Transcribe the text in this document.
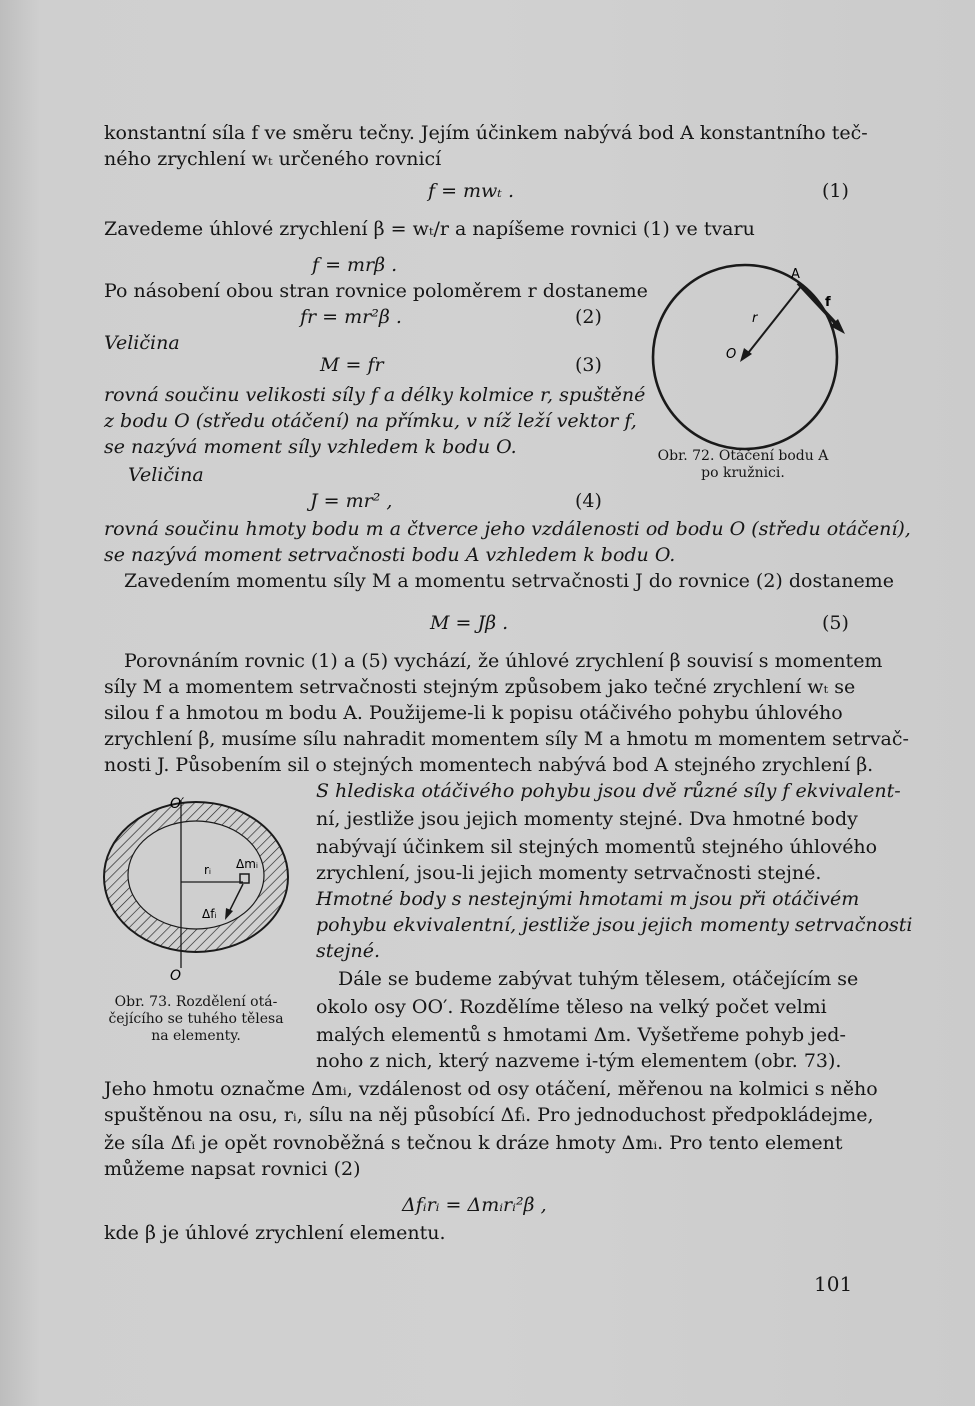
konstantní síla f ve směru tečny. Jejím účinkem nabývá bod A konstantního teč-
ného zrychlení wₜ určeného rovnicí
Zavedeme úhlové zrychlení β = wₜ/r a napíšeme rovnici (1) ve tvaru
Po násobení obou stran rovnice poloměrem r dostaneme
Veličina
rovná součinu velikosti síly f a délky kolmice r, spuštěné
z bodu O (středu otáčení) na přímku, v níž leží vektor f,
se nazývá moment síly vzhledem k bodu O.
Veličina
rovná součinu hmoty bodu m a čtverce jeho vzdálenosti od bodu O (středu otáčení),
se nazývá moment setrvačnosti bodu A vzhledem k bodu O.
Zavedením momentu síly M a momentu setrvačnosti J do rovnice (2) dostaneme
Porovnáním rovnic (1) a (5) vychází, že úhlové zrychlení β souvisí s momentem
síly M a momentem setrvačnosti stejným způsobem jako tečné zrychlení wₜ se
silou f a hmotou m bodu A. Použijeme-li k popisu otáčivého pohybu úhlového
zrychlení β, musíme sílu nahradit momentem síly M a hmotu m momentem setrvač-
nosti J. Působením sil o stejných momentech nabývá bod A stejného zrychlení β.
S hlediska otáčivého pohybu jsou dvě různé síly f ekvivalent-
ní, jestliže jsou jejich momenty stejné. Dva hmotné body
nabývají účinkem sil stejných momentů stejného úhlového
zrychlení, jsou-li jejich momenty setrvačnosti stejné.
Hmotné body s nestejnými hmotami m jsou při otáčivém
pohybu ekvivalentní, jestliže jsou jejich momenty setrvačnosti
stejné.
Dále se budeme zabývat tuhým tělesem, otáčejícím se
okolo osy OO′. Rozdělíme těleso na velký počet velmi
malých elementů s hmotami Δm. Vyšetřeme pohyb jed-
noho z nich, který nazveme i-tým elementem (obr. 73).
Jeho hmotu označme Δmᵢ, vzdálenost od osy otáčení, měřenou na kolmici s něho
spuštěnou na osu, rᵢ, sílu na něj působící Δfᵢ. Pro jednoduchost předpokládejme,
že síla Δfᵢ je opět rovnoběžná s tečnou k dráze hmoty Δmᵢ. Pro tento element
můžeme napsat rovnici (2)
kde β je úhlové zrychlení elementu.
f = mwₜ .	(1)
f = mrβ .
fr = mr²β .	(2)
M = fr	(3)
J = mr² ,	(4)
M = Jβ .	(5)
Δfᵢrᵢ = Δmᵢrᵢ²β ,
A
f
r
O
Obr. 72. Otáčení bodu A
po kružnici.
O′
O
rᵢ Δmᵢ
Δfᵢ
Obr. 73. Rozdělení otá-
čejícího se tuhého tělesa
na elementy.
101
